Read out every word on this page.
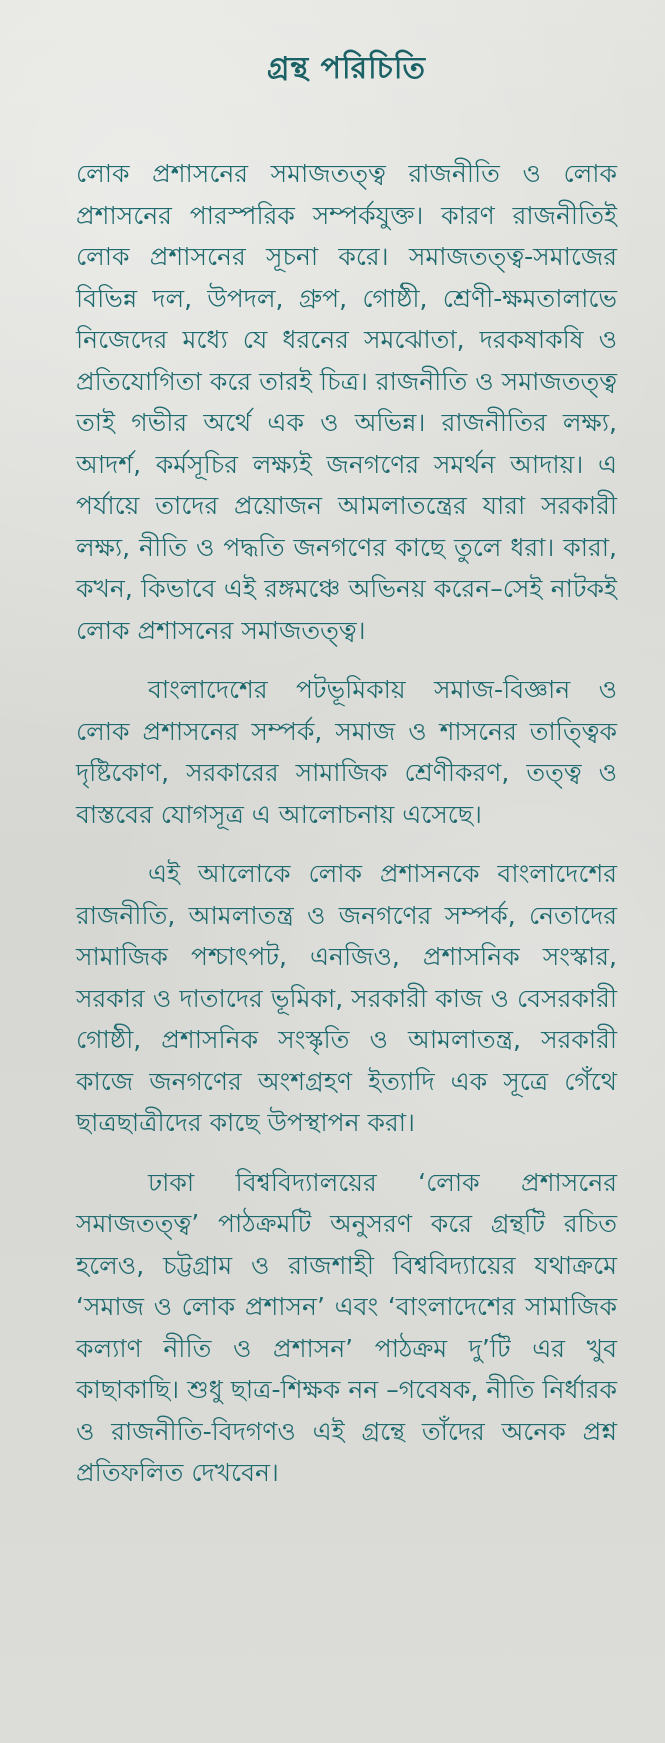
গ্রন্থ পরিচিতি

লোক প্রশাসনের সমাজতত্ত্ব রাজনীতি ও লোক প্রশাসনের পারস্পরিক সম্পর্কযুক্ত। কারণ রাজনীতিই লোক প্রশাসনের সূচনা করে। সমাজতত্ত্ব-সমাজের বিভিন্ন দল, উপদল, গ্রুপ, গোষ্ঠী, শ্রেণী-ক্ষমতালাভে নিজেদের মধ্যে যে ধরনের সমঝোতা, দরকষাকষি ও প্রতিযোগিতা করে তারই চিত্র। রাজনীতি ও সমাজতত্ত্ব তাই গভীর অর্থে এক ও অভিন্ন। রাজনীতির লক্ষ্য, আদর্শ, কর্মসূচির লক্ষ্যই জনগণের সমর্থন আদায়। এ পর্যায়ে তাদের প্রয়োজন আমলাতন্ত্রের যারা সরকারী লক্ষ্য, নীতি ও পদ্ধতি জনগণের কাছে তুলে ধরা। কারা, কখন, কিভাবে এই রঙ্গমঞ্চে অভিনয় করেন–সেই নাটকই লোক প্রশাসনের সমাজতত্ত্ব।

বাংলাদেশের পটভূমিকায় সমাজ-বিজ্ঞান ও লোক প্রশাসনের সম্পর্ক, সমাজ ও শাসনের তাত্ত্বিক দৃষ্টিকোণ, সরকারের সামাজিক শ্রেণীকরণ, তত্ত্ব ও বাস্তবের যোগসূত্র এ আলোচনায় এসেছে।

এই আলোকে লোক প্রশাসনকে বাংলাদেশের রাজনীতি, আমলাতন্ত্র ও জনগণের সম্পর্ক, নেতাদের সামাজিক পশ্চাৎপট, এনজিও, প্রশাসনিক সংস্কার, সরকার ও দাতাদের ভূমিকা, সরকারী কাজ ও বেসরকারী গোষ্ঠী, প্রশাসনিক সংস্কৃতি ও আমলাতন্ত্র, সরকারী কাজে জনগণের অংশগ্রহণ ইত্যাদি এক সূত্রে গেঁথে ছাত্রছাত্রীদের কাছে উপস্থাপন করা।

ঢাকা বিশ্ববিদ্যালয়ের ‘লোক প্রশাসনের সমাজতত্ত্ব’ পাঠক্রমটি অনুসরণ করে গ্রন্থটি রচিত হলেও, চট্টগ্রাম ও রাজশাহী বিশ্ববিদ্যায়ের যথাক্রমে ‘সমাজ ও লোক প্রশাসন’ এবং ‘বাংলাদেশের সামাজিক কল্যাণ নীতি ও প্রশাসন’ পাঠক্রম দু’টি এর খুব কাছাকাছি। শুধু ছাত্র-শিক্ষক নন –গবেষক, নীতি নির্ধারক ও রাজনীতি-বিদগণও এই গ্রন্থে তাঁদের অনেক প্রশ্ন প্রতিফলিত দেখবেন।
